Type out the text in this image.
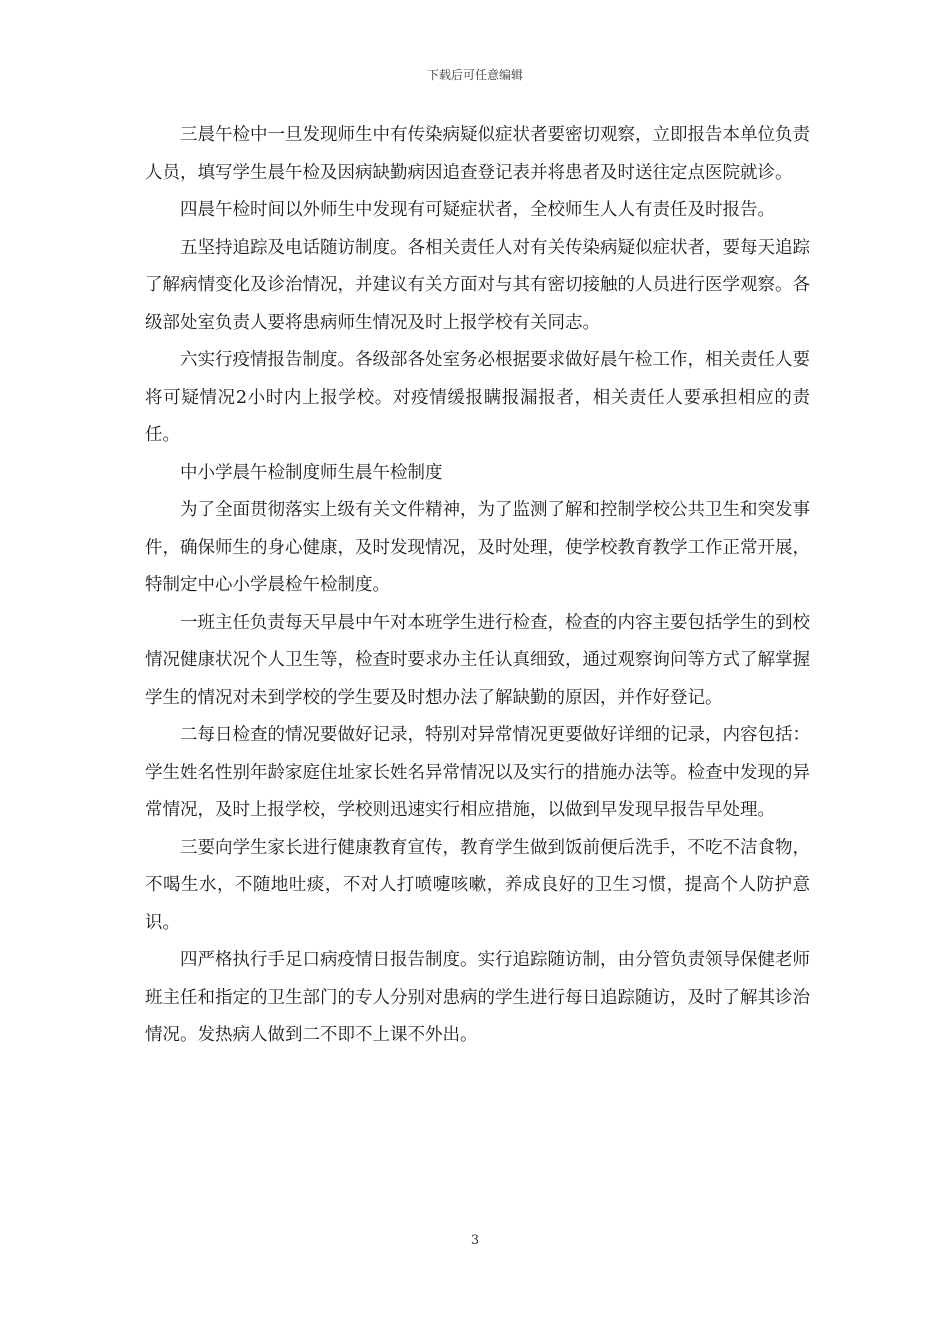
下载后可任意编辑

三晨午检中一旦发现师生中有传染病疑似症状者要密切观察，立即报告本单位负责人员，填写学生晨午检及因病缺勤病因追查登记表并将患者及时送往定点医院就诊。

四晨午检时间以外师生中发现有可疑症状者，全校师生人人有责任及时报告。

五坚持追踪及电话随访制度。各相关责任人对有关传染病疑似症状者，要每天追踪了解病情变化及诊治情况，并建议有关方面对与其有密切接触的人员进行医学观察。各级部处室负责人要将患病师生情况及时上报学校有关同志。

六实行疫情报告制度。各级部各处室务必根据要求做好晨午检工作，相关责任人要将可疑情况2小时内上报学校。对疫情缓报瞒报漏报者，相关责任人要承担相应的责任。

中小学晨午检制度师生晨午检制度

为了全面贯彻落实上级有关文件精神，为了监测了解和控制学校公共卫生和突发事件，确保师生的身心健康，及时发现情况，及时处理，使学校教育教学工作正常开展，特制定中心小学晨检午检制度。

一班主任负责每天早晨中午对本班学生进行检查，检查的内容主要包括学生的到校情况健康状况个人卫生等，检查时要求办主任认真细致，通过观察询问等方式了解掌握学生的情况对未到学校的学生要及时想办法了解缺勤的原因，并作好登记。

二每日检查的情况要做好记录，特别对异常情况更要做好详细的记录，内容包括：学生姓名性别年龄家庭住址家长姓名异常情况以及实行的措施办法等。检查中发现的异常情况，及时上报学校，学校则迅速实行相应措施，以做到早发现早报告早处理。

三要向学生家长进行健康教育宣传，教育学生做到饭前便后洗手，不吃不洁食物，不喝生水，不随地吐痰，不对人打喷嚏咳嗽，养成良好的卫生习惯，提高个人防护意识。

四严格执行手足口病疫情日报告制度。实行追踪随访制，由分管负责领导保健老师班主任和指定的卫生部门的专人分别对患病的学生进行每日追踪随访，及时了解其诊治情况。发热病人做到二不即不上课不外出。

3
